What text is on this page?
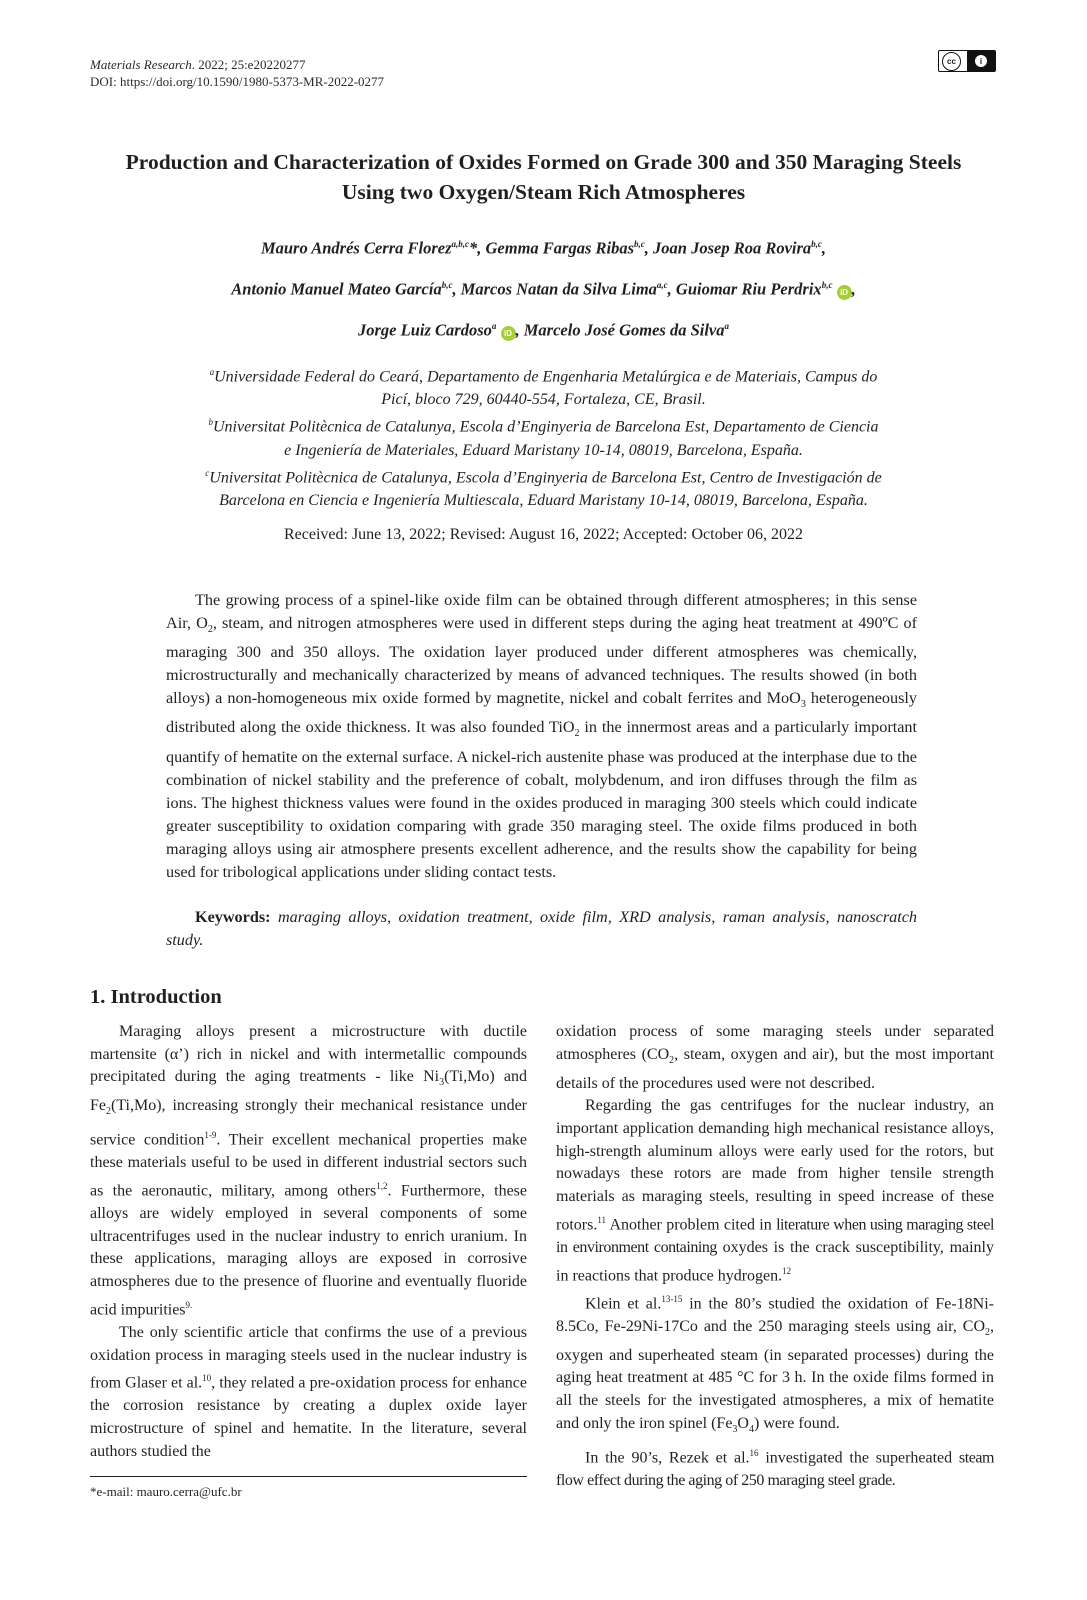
Materials Research. 2022; 25:e20220277
DOI: https://doi.org/10.1590/1980-5373-MR-2022-0277
cc	i
Production and Characterization of Oxides Formed on Grade 300 and 350 Maraging Steels
Using two Oxygen/Steam Rich Atmospheres
Mauro Andrés Cerra Florez$^{a,b,c}$*, Gemma Fargas Ribas$^{b,c}$, Joan Josep Roa Rovira$^{b,c}$,
Antonio Manuel Mateo García$^{b,c}$, Marcos Natan da Silva Lima$^{a,c}$, Guiomar Riu Perdrix$^{b,c}$ iD ,
Jorge Luiz Cardoso$^a$ iD , Marcelo José Gomes da Silva$^a$
$^a$Universidade Federal do Ceará, Departamento de Engenharia Metalúrgica e de Materiais, Campus do
Picí, bloco 729, 60440-554, Fortaleza, CE, Brasil.
$^b$Universitat Politècnica de Catalunya, Escola d’Enginyeria de Barcelona Est, Departamento de Ciencia
e Ingeniería de Materiales, Eduard Maristany 10-14, 08019, Barcelona, España.
$^c$Universitat Politècnica de Catalunya, Escola d’Enginyeria de Barcelona Est, Centro de Investigación de
Barcelona en Ciencia e Ingeniería Multiescala, Eduard Maristany 10-14, 08019, Barcelona, España.
Received: June 13, 2022; Revised: August 16, 2022; Accepted: October 06, 2022

The growing process of a spinel-like oxide film can be obtained through different atmospheres; in this sense Air, $O_2$, steam, and nitrogen atmospheres were used in different steps during the aging heat treatment at 490ºC of maraging 300 and 350 alloys. The oxidation layer produced under different atmospheres was chemically, microstructurally and mechanically characterized by means of advanced techniques. The results showed (in both alloys) a non-homogeneous mix oxide formed by magnetite, nickel and cobalt ferrites and MoO$_3$ heterogeneously distributed along the oxide thickness. It was also founded TiO$_2$ in the innermost areas and a particularly important quantify of hematite on the external surface. A nickel-rich austenite phase was produced at the interphase due to the combination of nickel stability and the preference of cobalt, molybdenum, and iron diffuses through the film as ions. The highest thickness values were found in the oxides produced in maraging 300 steels which could indicate greater susceptibility to oxidation comparing with grade 350 maraging steel. The oxide films produced in both maraging alloys using air atmosphere presents excellent adherence, and the results show the capability for being used for tribological applications under sliding contact tests.

Keywords: maraging alloys, oxidation treatment, oxide film, XRD analysis, raman analysis, nanoscratch study.

1. Introduction

Maraging alloys present a microstructure with ductile martensite (α’) rich in nickel and with intermetallic compounds precipitated during the aging treatments - like $Ni_3(Ti,Mo)$ and $Fe_2(Ti,Mo)$, increasing strongly their mechanical resistance under service condition$^{1-9}$. Their excellent mechanical properties make these materials useful to be used in different industrial sectors such as the aeronautic, military, among others$^{1,2}$. Furthermore, these alloys are widely employed in several components of some ultracentrifuges used in the nuclear industry to enrich uranium. In these applications, maraging alloys are exposed in corrosive atmospheres due to the presence of fluorine and eventually fluoride acid impurities$^{9.}$

The only scientific article that confirms the use of a previous oxidation process in maraging steels used in the nuclear industry is from Glaser et al.$^{10}$, they related a pre-oxidation process for enhance the corrosion resistance by creating a duplex oxide layer microstructure of spinel and hematite. In the literature, several authors studied the

oxidation process of some maraging steels under separated atmospheres ($CO_2$, steam, oxygen and air), but the most important details of the procedures used were not described.

Regarding the gas centrifuges for the nuclear industry, an important application demanding high mechanical resistance alloys, high-strength aluminum alloys were early used for the rotors, but nowadays these rotors are made from higher tensile strength materials as maraging steels, resulting in speed increase of these rotors.$^{11}$ Another problem cited in literature when using maraging steel in environment containing oxydes is the crack susceptibility, mainly in reactions that produce hydrogen.$^{12}$

Klein et al.$^{13-15}$ in the 80’s studied the oxidation of Fe-18Ni-8.5Co, Fe-29Ni-17Co and the 250 maraging steels using air, $CO_2$, oxygen and superheated steam (in separated processes) during the aging heat treatment at 485 °C for 3 h. In the oxide films formed in all the steels for the investigated atmospheres, a mix of hematite and only the iron spinel $(Fe_3O_4)$ were found.

In the 90’s, Rezek et al.$^{16}$ investigated the superheated steam flow effect during the aging of 250 maraging steel grade.

*e-mail: mauro.cerra@ufc.br
